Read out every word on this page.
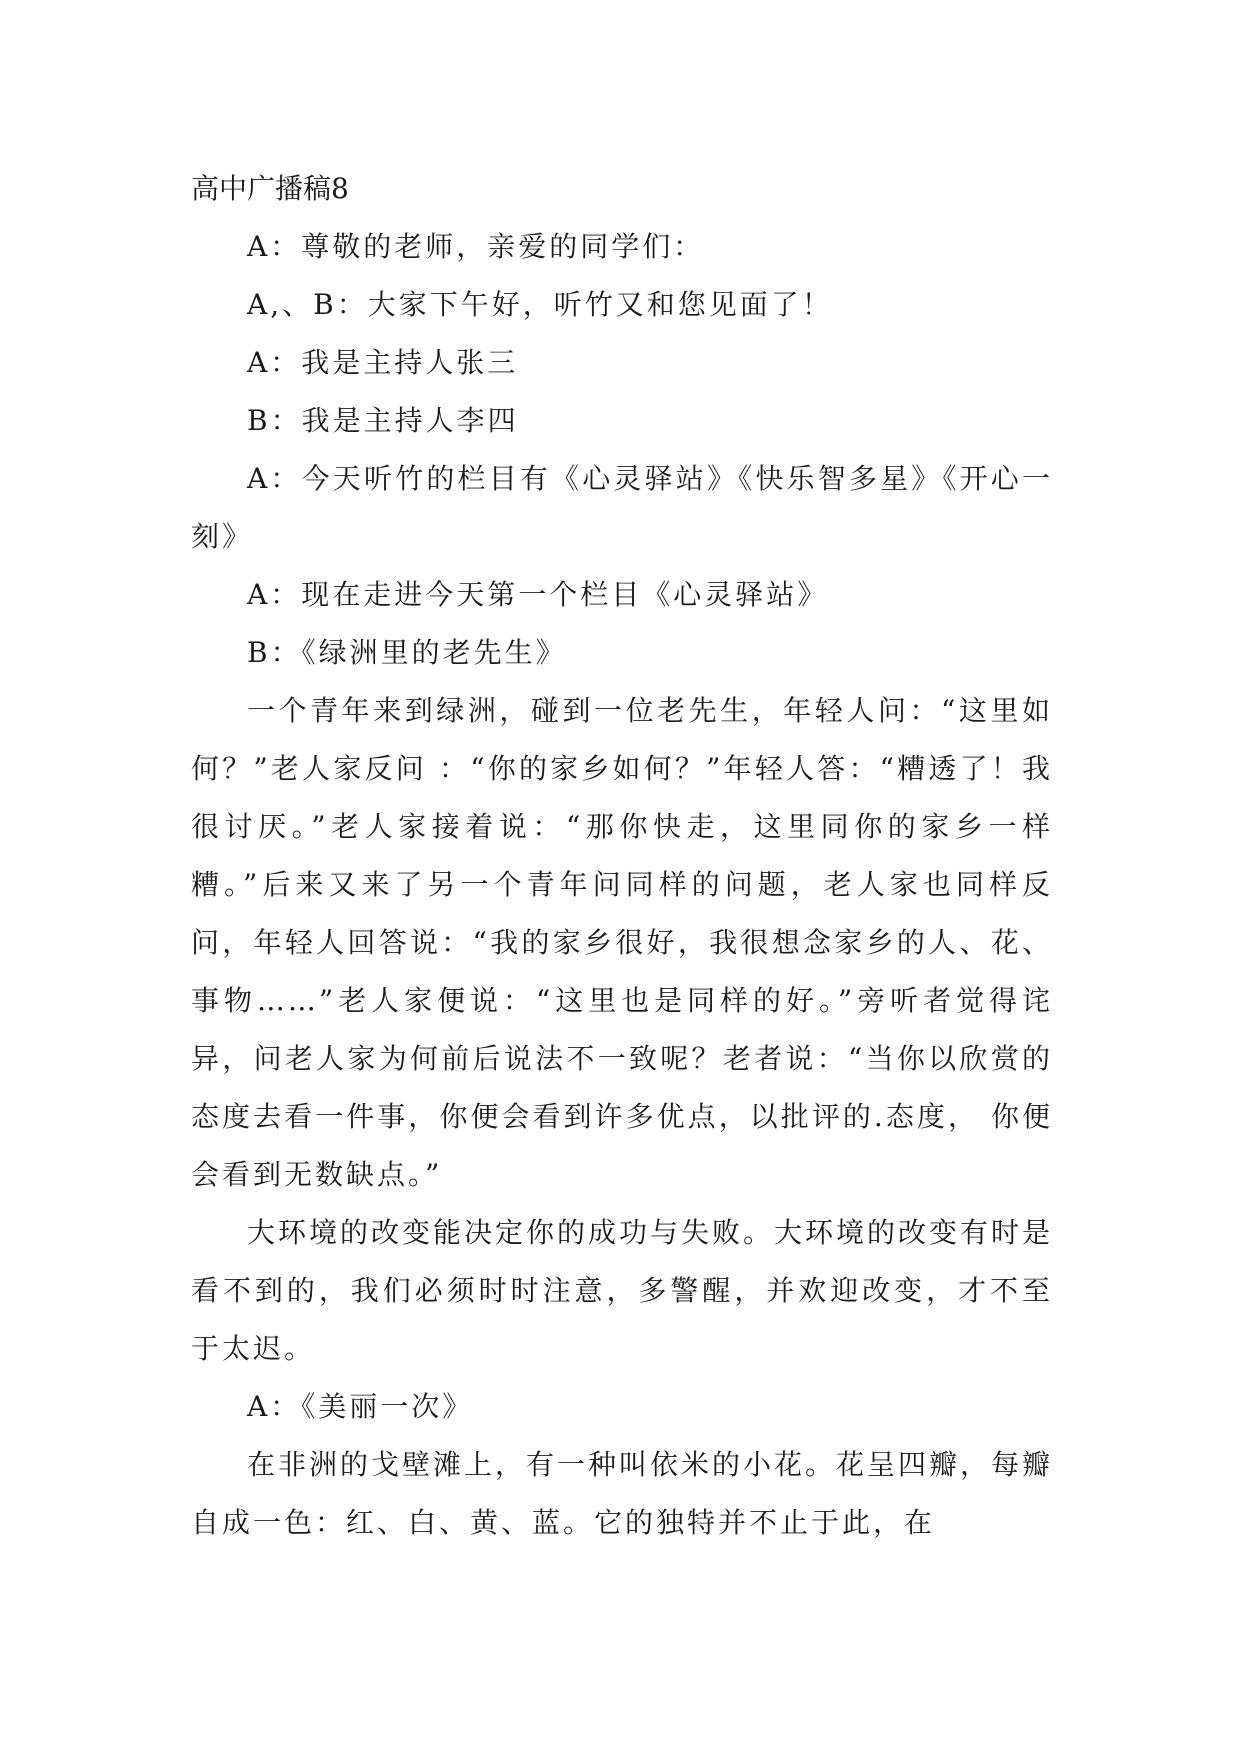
高中广播稿8

A：尊敬的老师，亲爱的同学们：

A,、B：大家下午好，听竹又和您见面了！

A：我是主持人张三

B：我是主持人李四

A：今天听竹的栏目有《心灵驿站》《快乐智多星》《开心一刻》

A：现在走进今天第一个栏目《心灵驿站》

B：《绿洲里的老先生》

一个青年来到绿洲，碰到一位老先生，年轻人问：“这里如何？”老人家反问 ：“你的家乡如何？”年轻人答：“糟透了！我很讨厌。”老人家接着说：“那你快走，这里同你的家乡一样糟。”后来又来了另一个青年问同样的问题，老人家也同样反问，年轻人回答说：“我的家乡很好，我很想念家乡的人、花、事物……”老人家便说：“这里也是同样的好。”旁听者觉得诧异，问老人家为何前后说法不一致呢？老者说：“当你以欣赏的态度去看一件事，你便会看到许多优点，以批评的.态度， 你便会看到无数缺点。”

大环境的改变能决定你的成功与失败。大环境的改变有时是看不到的，我们必须时时注意，多警醒，并欢迎改变，才不至于太迟。

A：《美丽一次》

在非洲的戈壁滩上，有一种叫依米的小花。花呈四瓣，每瓣自成一色：红、白、黄、蓝。它的独特并不止于此，在
